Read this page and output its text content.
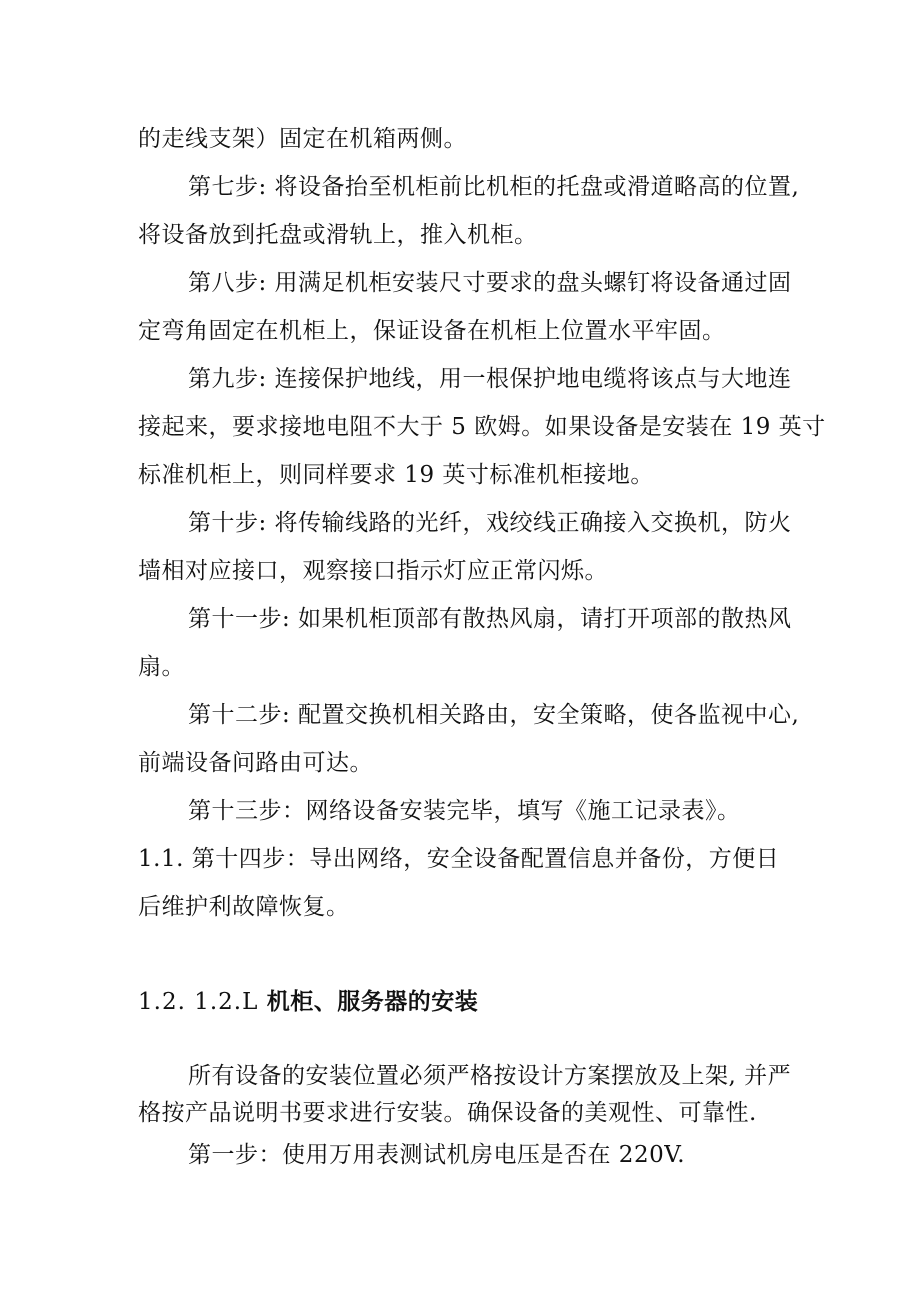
的走线支架）固定在机箱两侧。
第七步: 将设备抬至机柜前比机柜的托盘或滑道略高的位置,
将设备放到托盘或滑轨上，推入机柜。
第八步: 用满足机柜安装尺寸要求的盘头螺钉将设备通过固
定弯角固定在机柜上，保证设备在机柜上位置水平牢固。
第九步: 连接保护地线，用一根保护地电缆将该点与大地连
接起来，要求接地电阻不大于 5 欧姆。如果设备是安装在 19 英寸
标准机柜上，则同样要求 19 英寸标准机柜接地。
第十步: 将传输线路的光纤，戏绞线正确接入交换机，防火
墙相对应接口，观察接口指示灯应正常闪烁。
第十一步: 如果机柜顶部有散热风扇，请打开项部的散热风
扇。
第十二步: 配置交换机相关路由，安全策略，使各监视中心,
前端设备问路由可达。
第十三步：网络设备安装完毕，填写《施工记录表》。
1.1. 第十四步：导出网络，安全设备配置信息并备份，方便日
后维护利故障恢复。
1.2. 1.2.L 机柜、服务器的安装
所有设备的安装位置必须严格按设计方案摆放及上架, 并严
格按产品说明书要求进行安装。确保设备的美观性、可靠性.
第一步：使用万用表测试机房电压是否在 220V.
